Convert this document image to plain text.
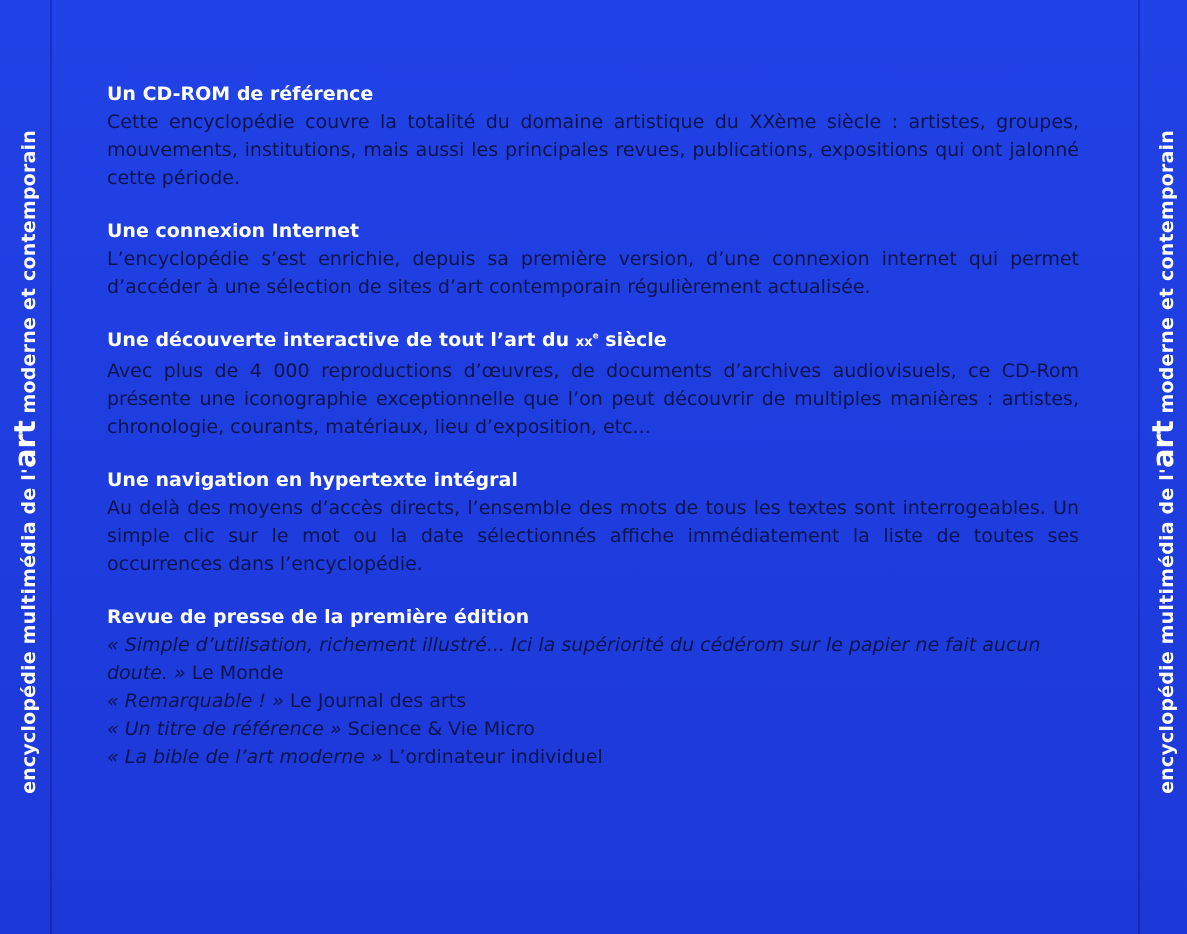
encyclopédie multimédia de l'art moderne et contemporain
encyclopédie multimédia de l'art moderne et contemporain
Un CD-ROM de référence

Cette encyclopédie couvre la totalité du domaine artistique du XXème siècle : artistes, groupes, mouvements, institutions, mais aussi les principales revues, publications, expositions qui ont jalonné cette période.

Une connexion Internet

L’encyclopédie s’est enrichie, depuis sa première version, d’une connexion internet qui permet d’accéder à une sélection de sites d’art contemporain régulièrement actualisée.

Une découverte interactive de tout l’art du $xx^e$ siècle

Avec plus de 4 000 reproductions d’œuvres, de documents d’archives audiovisuels, ce CD-Rom présente une iconographie exceptionnelle que l’on peut découvrir de multiples manières : artistes, chronologie, courants, matériaux, lieu d’exposition, etc...

Une navigation en hypertexte intégral

Au delà des moyens d’accès directs, l’ensemble des mots de tous les textes sont interrogeables. Un simple clic sur le mot ou la date sélectionnés affiche immédiatement la liste de toutes ses occurrences dans l’encyclopédie.

Revue de presse de la première édition
« Simple d’utilisation, richement illustré... Ici la supériorité du cédérom sur le papier ne fait aucun doute. » Le Monde
« Remarquable ! » Le Journal des arts
« Un titre de référence » Science & Vie Micro
« La bible de l’art moderne » L’ordinateur individuel
